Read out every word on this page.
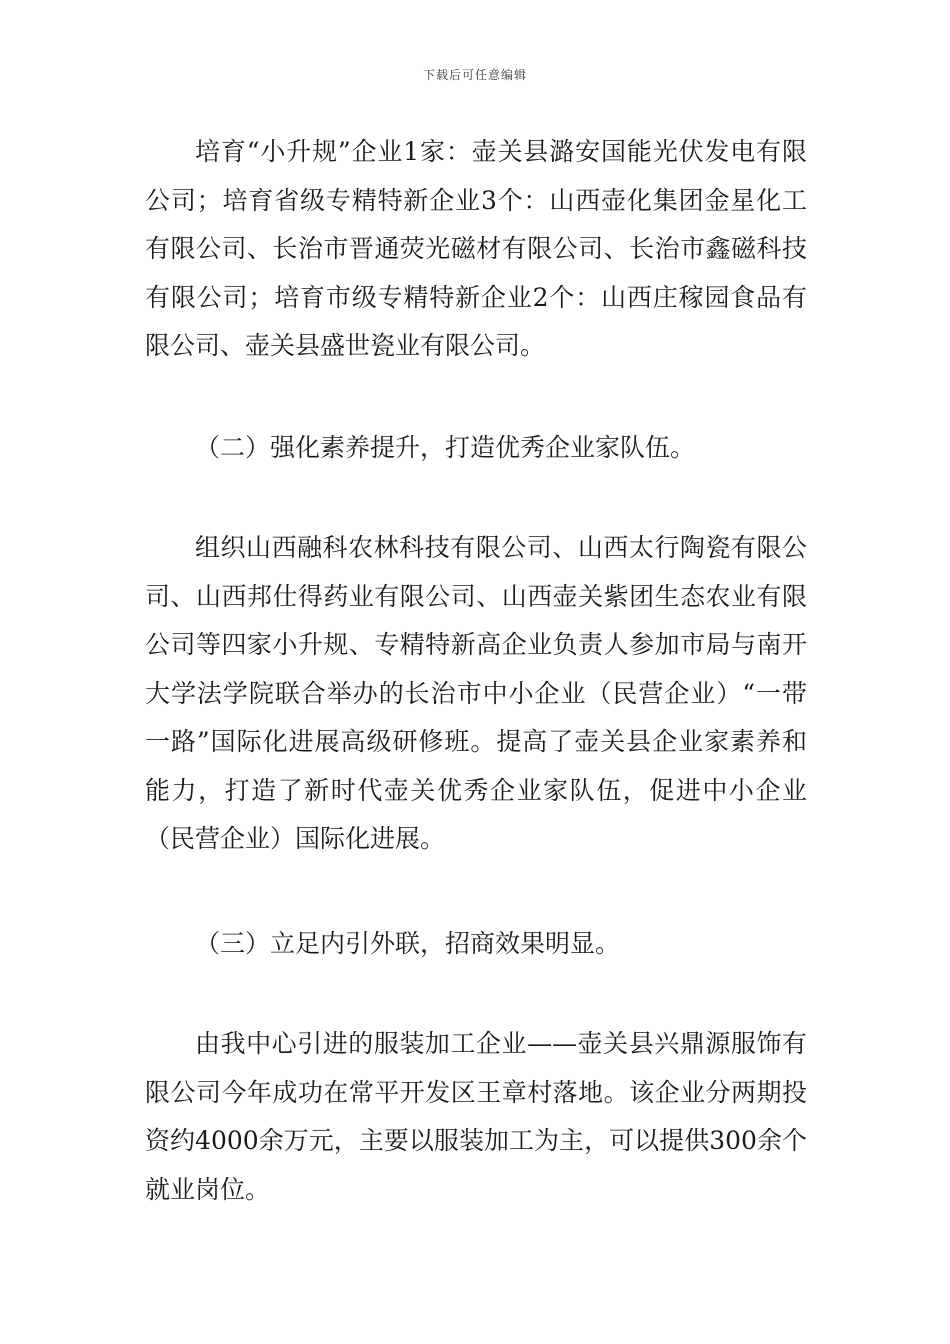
下载后可任意编辑

培育“小升规”企业1家：壶关县潞安国能光伏发电有限公司；培育省级专精特新企业3个：山西壶化集团金星化工有限公司、长治市晋通荧光磁材有限公司、长治市鑫磁科技有限公司；培育市级专精特新企业2个：山西庄稼园食品有限公司、壶关县盛世瓷业有限公司。

（二）强化素养提升，打造优秀企业家队伍。

组织山西融科农林科技有限公司、山西太行陶瓷有限公司、山西邦仕得药业有限公司、山西壶关紫团生态农业有限公司等四家小升规、专精特新高企业负责人参加市局与南开大学法学院联合举办的长治市中小企业（民营企业）“一带一路”国际化进展高级研修班。提高了壶关县企业家素养和能力，打造了新时代壶关优秀企业家队伍，促进中小企业（民营企业）国际化进展。

（三）立足内引外联，招商效果明显。

由我中心引进的服装加工企业——壶关县兴鼎源服饰有限公司今年成功在常平开发区王章村落地。该企业分两期投资约4000余万元，主要以服装加工为主，可以提供300余个就业岗位。
